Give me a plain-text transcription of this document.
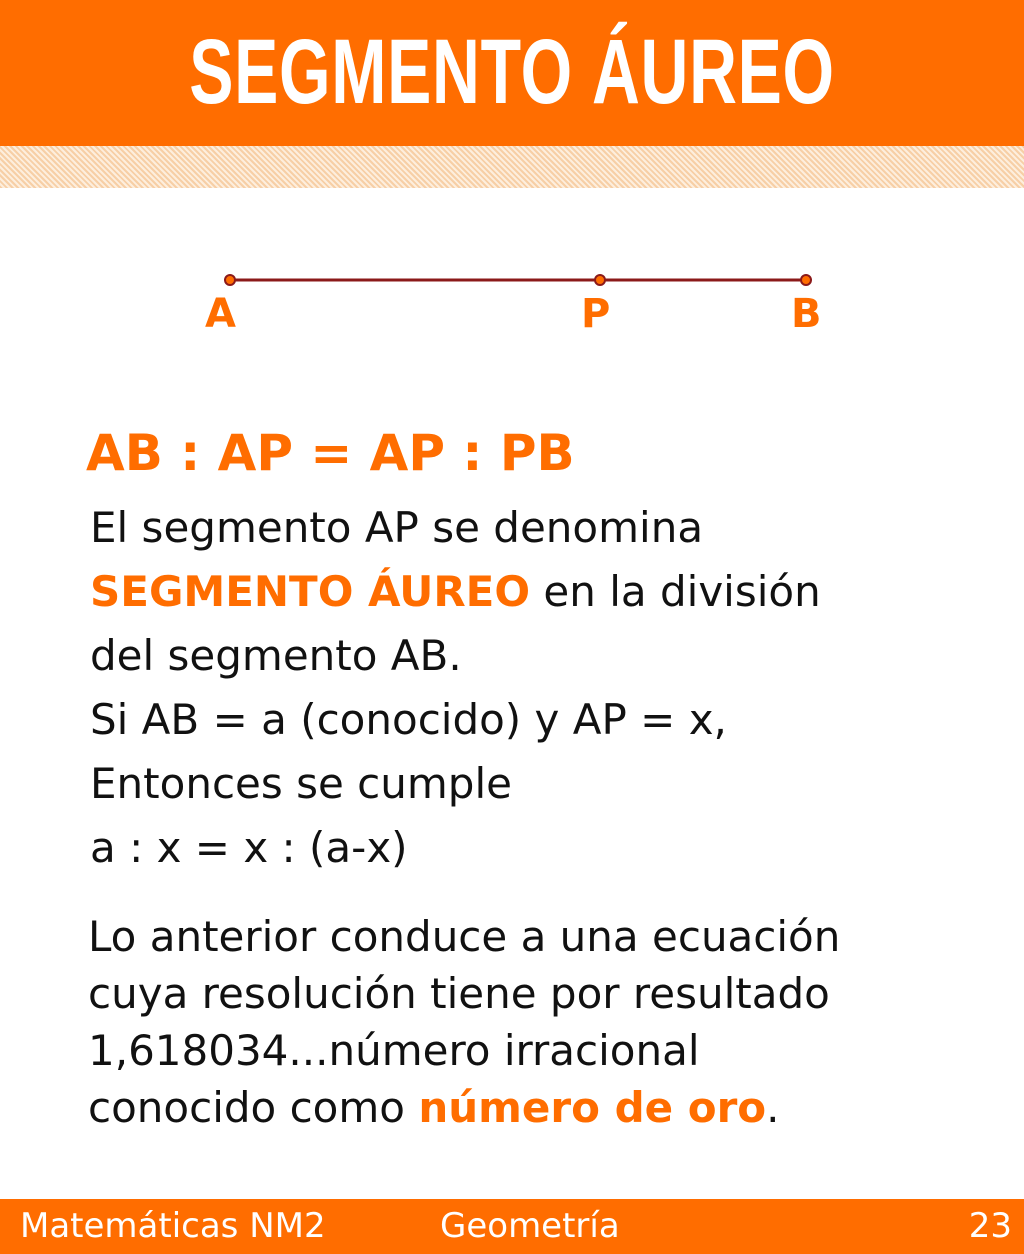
SEGMENTO ÁUREO
A	P	B
AB : AP = AP : PB
El segmento AP se denomina
SEGMENTO ÁUREO en la división
del segmento AB.
Si AB = a (conocido) y AP = x,
Entonces se cumple
a : x = x : (a-x)
Lo anterior conduce a una ecuación
cuya resolución tiene por resultado
1,618034...número irracional
conocido como número de oro.
Matemáticas NM2	Geometría	23
